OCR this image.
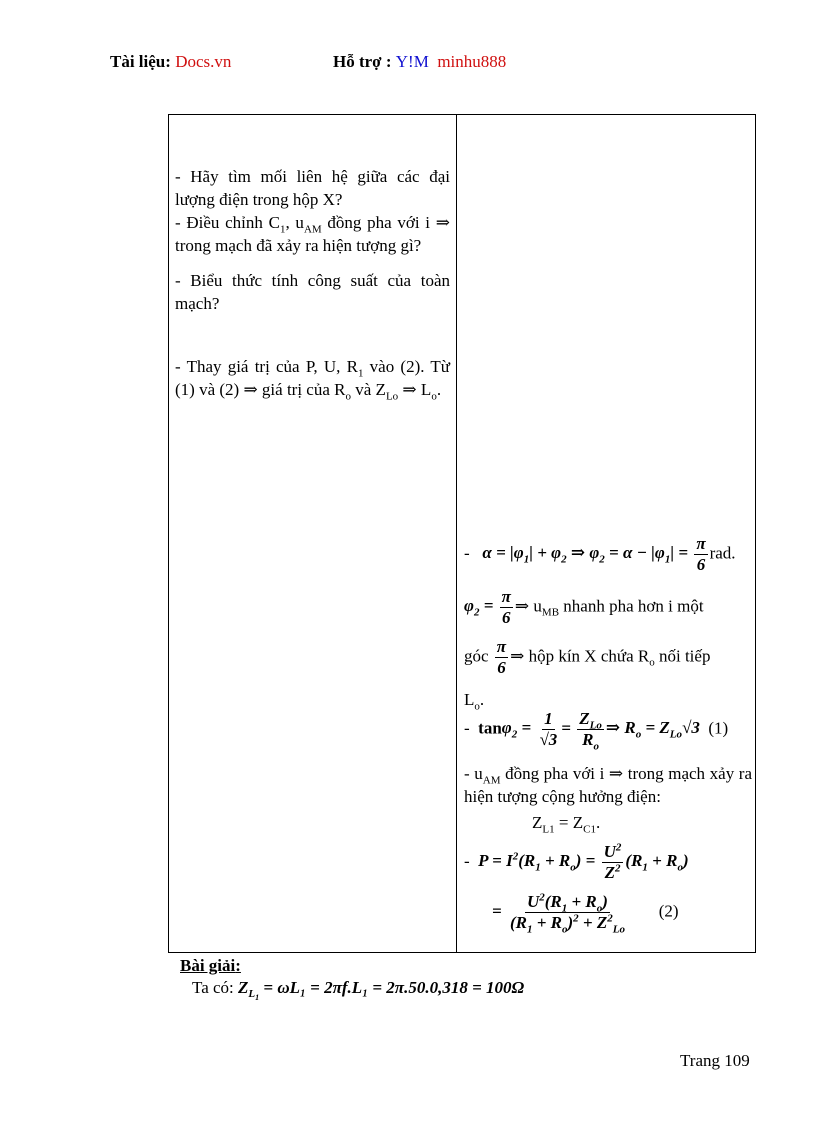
Tài liệu: Docs.vn	Hỗ trợ : Y!M minhu888

- Hãy tìm mối liên hệ giữa các đại lượng điện trong hộp X?

- Điều chỉnh $C_1$, $u_{AM}$ đồng pha với i ⇒ trong mạch đã xảy ra hiện tượng gì?

- Biểu thức tính công suất của toàn mạch?

- Thay giá trị của P, U, $R_1$ vào (2). Từ (1) và (2) ⇒ giá trị của $R_o$ và $Z_{Lo}$ ⇒ $L_o$.

-   $\alpha = |\varphi_1| + \varphi_2$ ⇒ $\varphi_2 = \alpha - |\varphi_1| = \frac{\pi}{6}$ rad.
$\varphi_2 = \frac{\pi}{6}$ ⇒ $u_{MB}$ nhanh pha hơn i một
góc $\frac{\pi}{6}$ ⇒ hộp kín X chứa $R_o$ nối tiếp
$L_o$.
-  $\tan\varphi_2 = \frac{1}{√3} = \frac{Z_{Lo}}{R_o}$ ⇒ $R_o = Z_{Lo}√3$ (1)
- $u_{AM}$ đồng pha với i ⇒ trong mạch xảy ra hiện tượng cộng hưởng điện:
$Z_{L1} = Z_{C1}$.
-  $P = I^2(R_1 + R_o) = \frac{U^2}{Z^2} (R_1 + R_o)$
= $\frac{U^2(R_1 + R_o)}{(R_1 + R_o)^2 + Z^2_{Lo}} (2)$
Bài giải:
Ta có: $Z_{L_1} = \omega L_1 = 2\pi f.L_1 = 2\pi.50.0,318 = 100\Omega$
Trang 109
